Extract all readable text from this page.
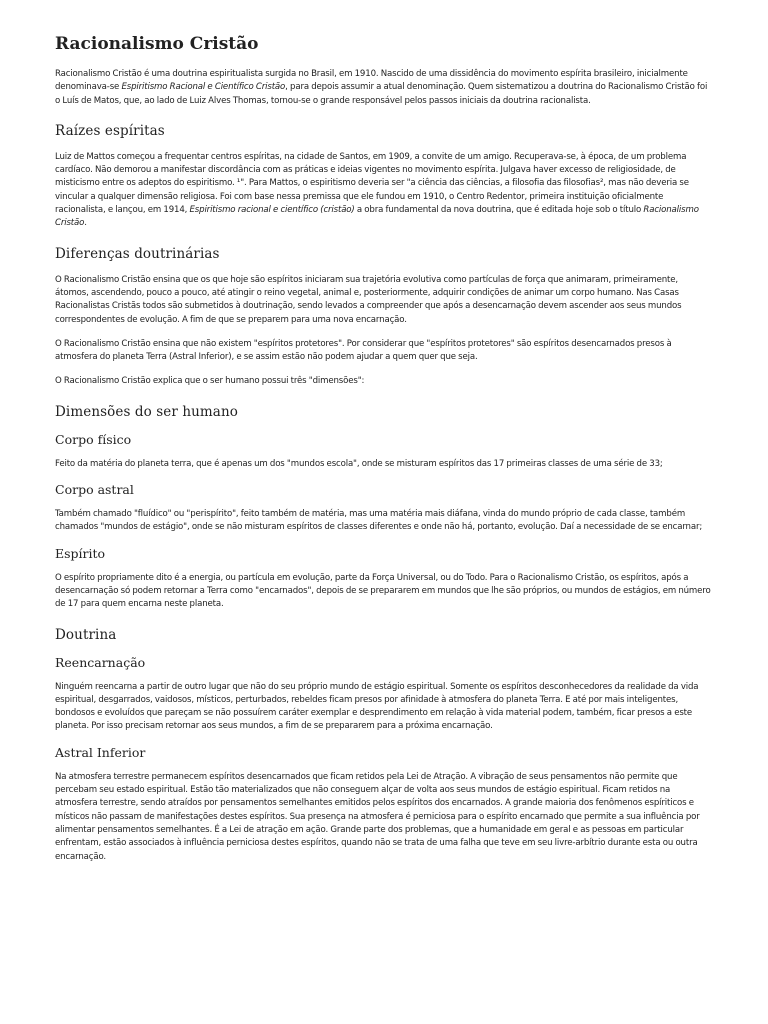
Racionalismo Cristão

Racionalismo Cristão é uma doutrina espiritualista surgida no Brasil, em 1910. Nascido de uma dissidência do movimento espírita brasileiro, inicialmente denominava-se Espiritismo Racional e Científico Cristão, para depois assumir a atual denominação. Quem sistematizou a doutrina do Racionalismo Cristão foi o Luís de Matos, que, ao lado de Luiz Alves Thomas, tornou-se o grande responsável pelos passos iniciais da doutrina racionalista.

Raízes espíritas

Luiz de Mattos começou a frequentar centros espíritas, na cidade de Santos, em 1909, a convite de um amigo. Recuperava-se, à época, de um problema cardíaco. Não demorou a manifestar discordância com as práticas e ideias vigentes no movimento espírita. Julgava haver excesso de religiosidade, de misticismo entre os adeptos do espiritismo. ¹". Para Mattos, o espiritismo deveria ser "a ciência das ciências, a filosofia das filosofias², mas não deveria se vincular a qualquer dimensão religiosa. Foi com base nessa premissa que ele fundou em 1910, o Centro Redentor, primeira instituição oficialmente racionalista, e lançou, em 1914, Espiritismo racional e científico (cristão) a obra fundamental da nova doutrina, que é editada hoje sob o título Racionalismo Cristão.

Diferenças doutrinárias

O Racionalismo Cristão ensina que os que hoje são espíritos iniciaram sua trajetória evolutiva como partículas de força que animaram, primeiramente, átomos, ascendendo, pouco a pouco, até atingir o reino vegetal, animal e, posteriormente, adquirir condições de animar um corpo humano. Nas Casas Racionalistas Cristãs todos são submetidos à doutrinação, sendo levados a compreender que após a desencarnação devem ascender aos seus mundos correspondentes de evolução. A fim de que se preparem para uma nova encarnação.

O Racionalismo Cristão ensina que não existem "espíritos protetores". Por considerar que "espíritos protetores" são espíritos desencarnados presos à atmosfera do planeta Terra (Astral Inferior), e se assim estão não podem ajudar a quem quer que seja.

O Racionalismo Cristão explica que o ser humano possui três "dimensões":

Dimensões do ser humano
Corpo físico

Feito da matéria do planeta terra, que é apenas um dos "mundos escola", onde se misturam espíritos das 17 primeiras classes de uma série de 33;

Corpo astral

Também chamado "fluídico" ou "perispírito", feito também de matéria, mas uma matéria mais diáfana, vinda do mundo próprio de cada classe, também chamados "mundos de estágio", onde se não misturam espíritos de classes diferentes e onde não há, portanto, evolução. Daí a necessidade de se encarnar;

Espírito

O espírito propriamente dito é a energia, ou partícula em evolução, parte da Força Universal, ou do Todo. Para o Racionalismo Cristão, os espíritos, após a desencarnação só podem retornar a Terra como "encarnados", depois de se prepararem em mundos que lhe são próprios, ou mundos de estágios, em número de 17 para quem encarna neste planeta.

Doutrina
Reencarnação

Ninguém reencarna a partir de outro lugar que não do seu próprio mundo de estágio espiritual. Somente os espíritos desconhecedores da realidade da vida espiritual, desgarrados, vaidosos, místicos, perturbados, rebeldes ficam presos por afinidade à atmosfera do planeta Terra. E até por mais inteligentes, bondosos e evoluídos que pareçam se não possuírem caráter exemplar e desprendimento em relação à vida material podem, também, ficar presos a este planeta. Por isso precisam retornar aos seus mundos, a fim de se prepararem para a próxima encarnação.

Astral Inferior

Na atmosfera terrestre permanecem espíritos desencarnados que ficam retidos pela Lei de Atração. A vibração de seus pensamentos não permite que percebam seu estado espiritual. Estão tão materializados que não conseguem alçar de volta aos seus mundos de estágio espiritual. Ficam retidos na atmosfera terrestre, sendo atraídos por pensamentos semelhantes emitidos pelos espíritos dos encarnados. A grande maioria dos fenômenos espíriticos e místicos não passam de manifestações destes espíritos. Sua presença na atmosfera é perniciosa para o espírito encarnado que permite a sua influência por alimentar pensamentos semelhantes. É a Lei de atração em ação. Grande parte dos problemas, que a humanidade em geral e as pessoas em particular enfrentam, estão associados à influência perniciosa destes espíritos, quando não se trata de uma falha que teve em seu livre-arbítrio durante esta ou outra encarnação.
